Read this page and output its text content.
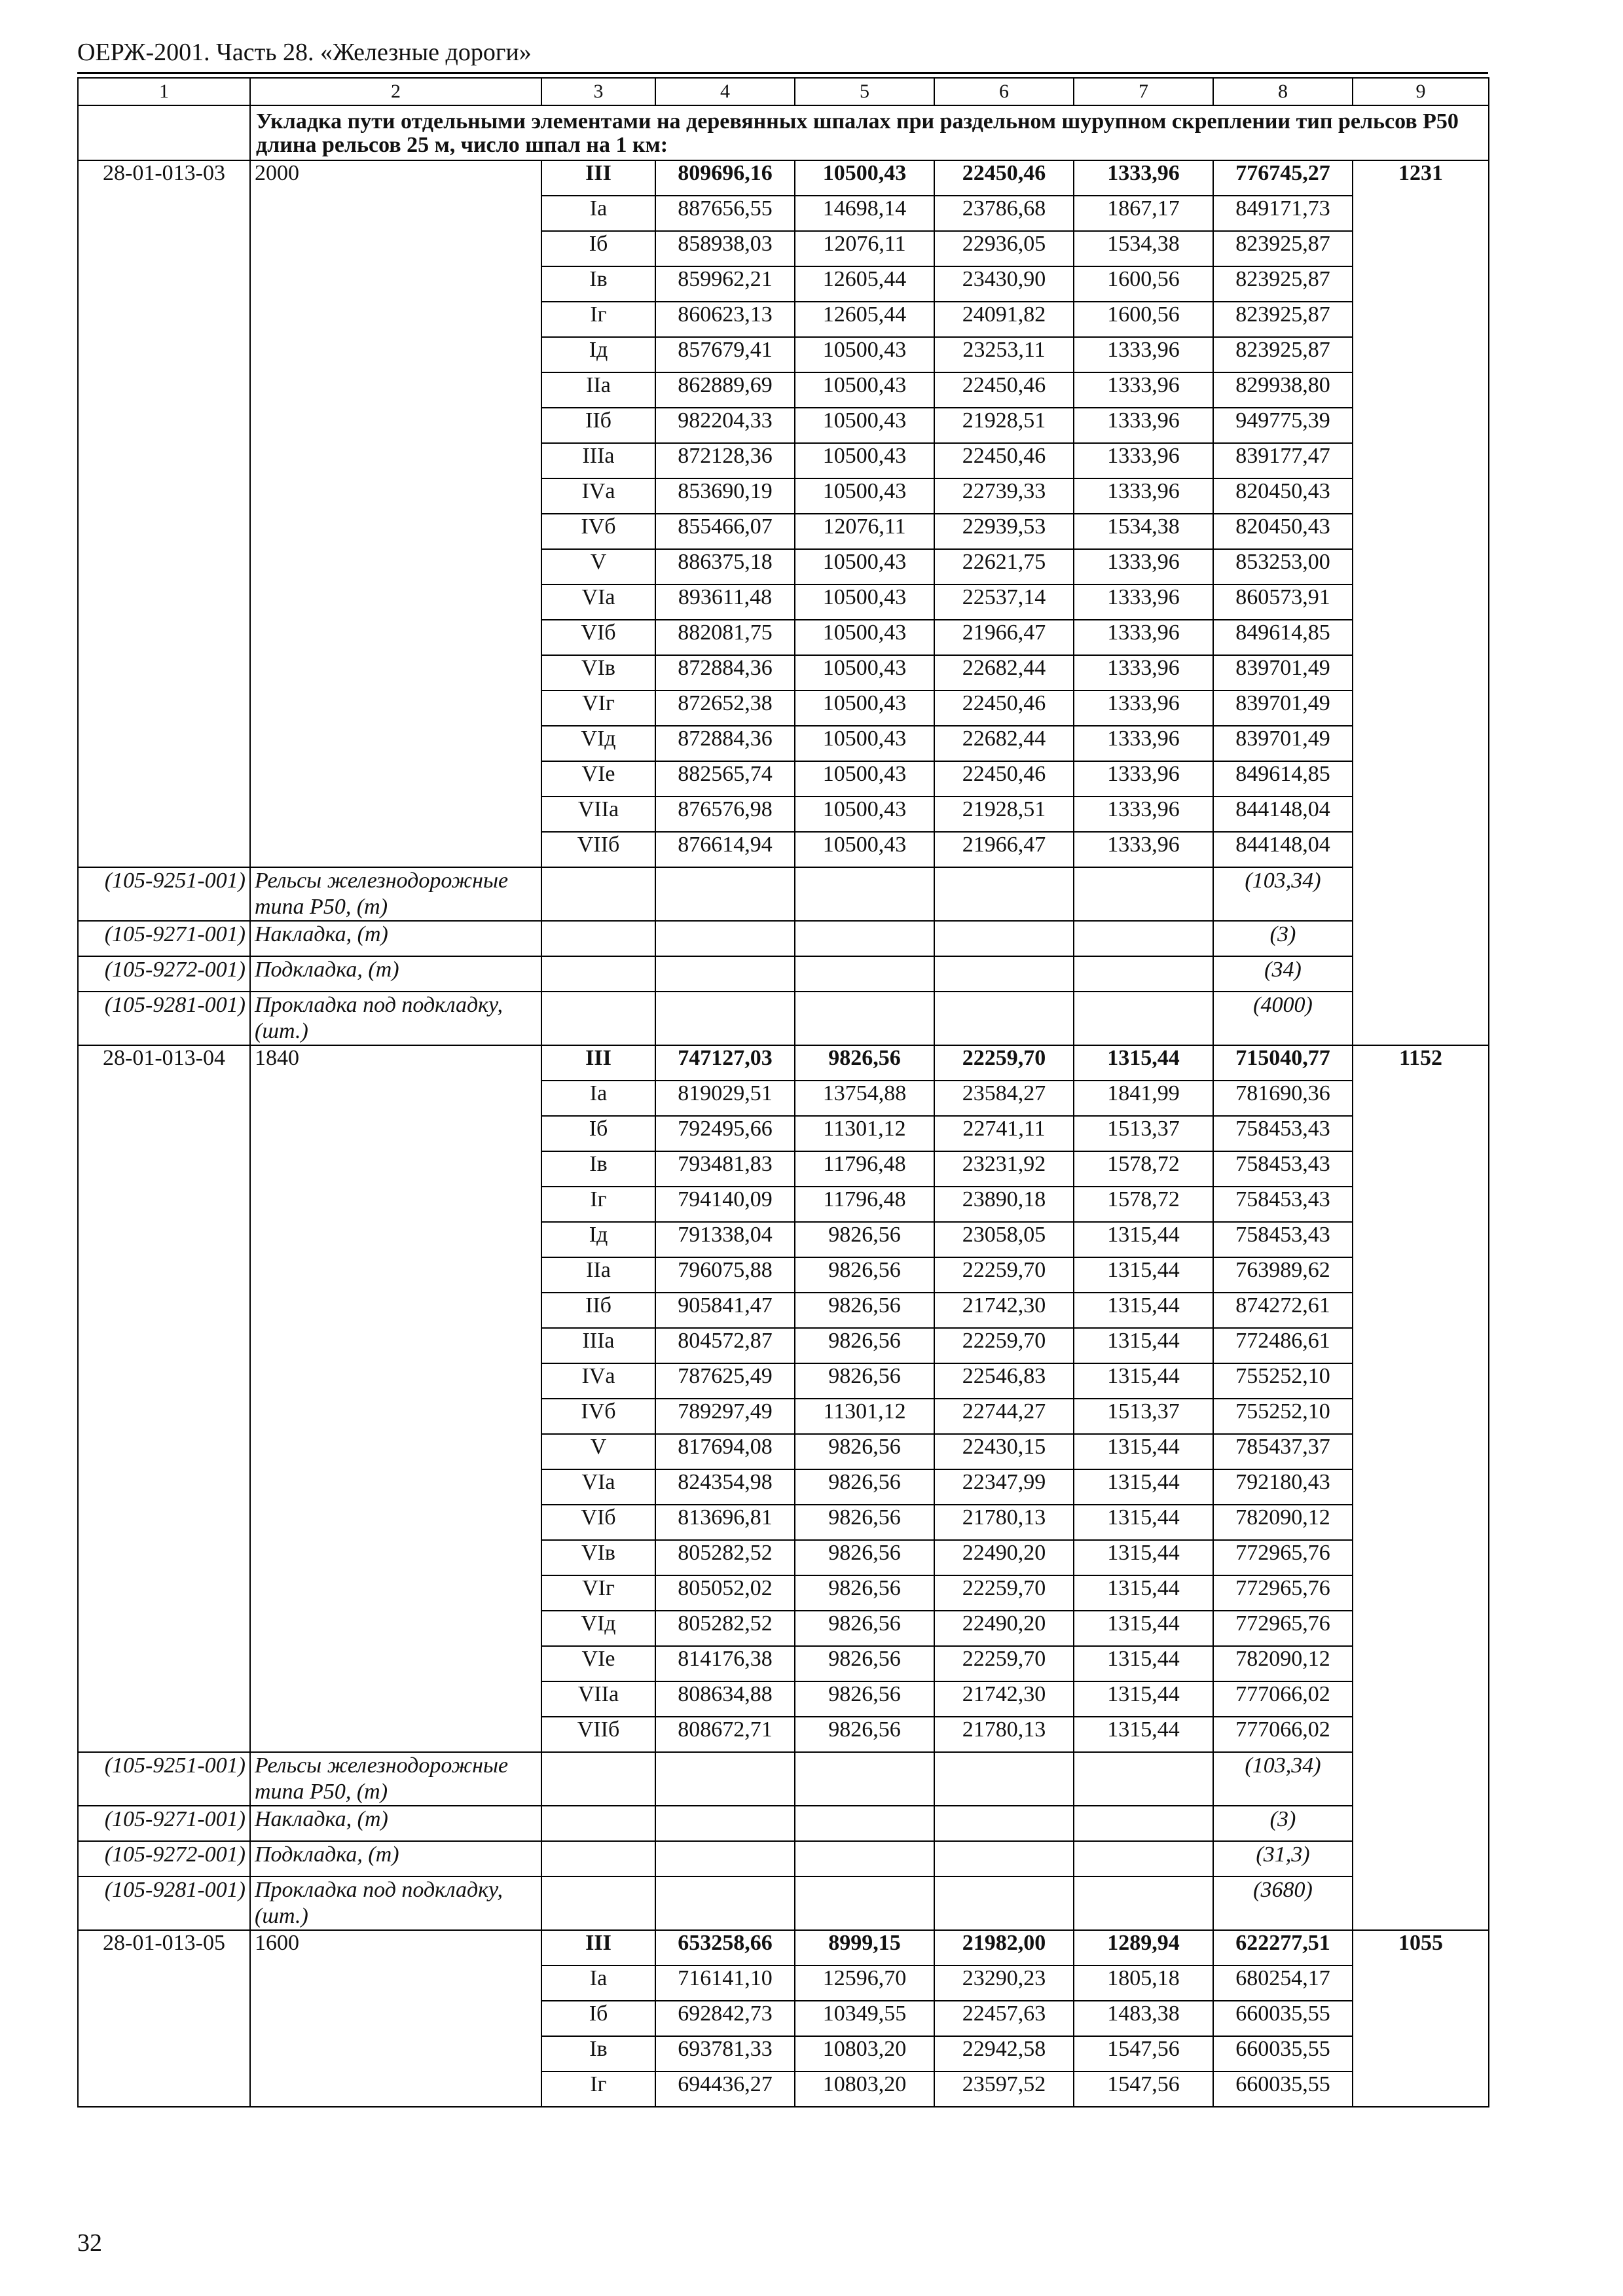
ОЕРЖ-2001. Часть 28. «Железные дороги»
1	2	3	4	5	6	7	8	9
	Укладка пути отдельными элементами на деревянных шпалах при раздельном шурупном скреплении тип рельсов Р50 длина рельсов 25 м, число шпал на 1 км:							
28-01-013-03	2000	III	809696,16	10500,43	22450,46	1333,96	776745,27	1231
		Iа	887656,55	14698,14	23786,68	1867,17	849171,73	
		Iб	858938,03	12076,11	22936,05	1534,38	823925,87	
		Iв	859962,21	12605,44	23430,90	1600,56	823925,87	
		Iг	860623,13	12605,44	24091,82	1600,56	823925,87	
		Iд	857679,41	10500,43	23253,11	1333,96	823925,87	
		IIа	862889,69	10500,43	22450,46	1333,96	829938,80	
		IIб	982204,33	10500,43	21928,51	1333,96	949775,39	
		IIIа	872128,36	10500,43	22450,46	1333,96	839177,47	
		IVа	853690,19	10500,43	22739,33	1333,96	820450,43	
		IVб	855466,07	12076,11	22939,53	1534,38	820450,43	
		V	886375,18	10500,43	22621,75	1333,96	853253,00	
		VIа	893611,48	10500,43	22537,14	1333,96	860573,91	
		VIб	882081,75	10500,43	21966,47	1333,96	849614,85	
		VIв	872884,36	10500,43	22682,44	1333,96	839701,49	
		VIг	872652,38	10500,43	22450,46	1333,96	839701,49	
		VIд	872884,36	10500,43	22682,44	1333,96	839701,49	
		VIе	882565,74	10500,43	22450,46	1333,96	849614,85	
		VIIа	876576,98	10500,43	21928,51	1333,96	844148,04	
		VIIб	876614,94	10500,43	21966,47	1333,96	844148,04	
(105-9251-001)	Рельсы железнодорожные типа Р50, (т)						(103,34)	
(105-9271-001)	Накладка, (т)						(3)	
(105-9272-001)	Подкладка, (т)						(34)	
(105-9281-001)	Прокладка под подкладку, (шт.)						(4000)	
28-01-013-04	1840	III	747127,03	9826,56	22259,70	1315,44	715040,77	1152
		Iа	819029,51	13754,88	23584,27	1841,99	781690,36	
		Iб	792495,66	11301,12	22741,11	1513,37	758453,43	
		Iв	793481,83	11796,48	23231,92	1578,72	758453,43	
		Iг	794140,09	11796,48	23890,18	1578,72	758453,43	
		Iд	791338,04	9826,56	23058,05	1315,44	758453,43	
		IIа	796075,88	9826,56	22259,70	1315,44	763989,62	
		IIб	905841,47	9826,56	21742,30	1315,44	874272,61	
		IIIа	804572,87	9826,56	22259,70	1315,44	772486,61	
		IVа	787625,49	9826,56	22546,83	1315,44	755252,10	
		IVб	789297,49	11301,12	22744,27	1513,37	755252,10	
		V	817694,08	9826,56	22430,15	1315,44	785437,37	
		VIа	824354,98	9826,56	22347,99	1315,44	792180,43	
		VIб	813696,81	9826,56	21780,13	1315,44	782090,12	
		VIв	805282,52	9826,56	22490,20	1315,44	772965,76	
		VIг	805052,02	9826,56	22259,70	1315,44	772965,76	
		VIд	805282,52	9826,56	22490,20	1315,44	772965,76	
		VIе	814176,38	9826,56	22259,70	1315,44	782090,12	
		VIIа	808634,88	9826,56	21742,30	1315,44	777066,02	
		VIIб	808672,71	9826,56	21780,13	1315,44	777066,02	
(105-9251-001)	Рельсы железнодорожные типа Р50, (т)						(103,34)	
(105-9271-001)	Накладка, (т)						(3)	
(105-9272-001)	Подкладка, (т)						(31,3)	
(105-9281-001)	Прокладка под подкладку, (шт.)						(3680)	
28-01-013-05	1600	III	653258,66	8999,15	21982,00	1289,94	622277,51	1055
		Iа	716141,10	12596,70	23290,23	1805,18	680254,17	
		Iб	692842,73	10349,55	22457,63	1483,38	660035,55	
		Iв	693781,33	10803,20	22942,58	1547,56	660035,55	
		Iг	694436,27	10803,20	23597,52	1547,56	660035,55	
32
